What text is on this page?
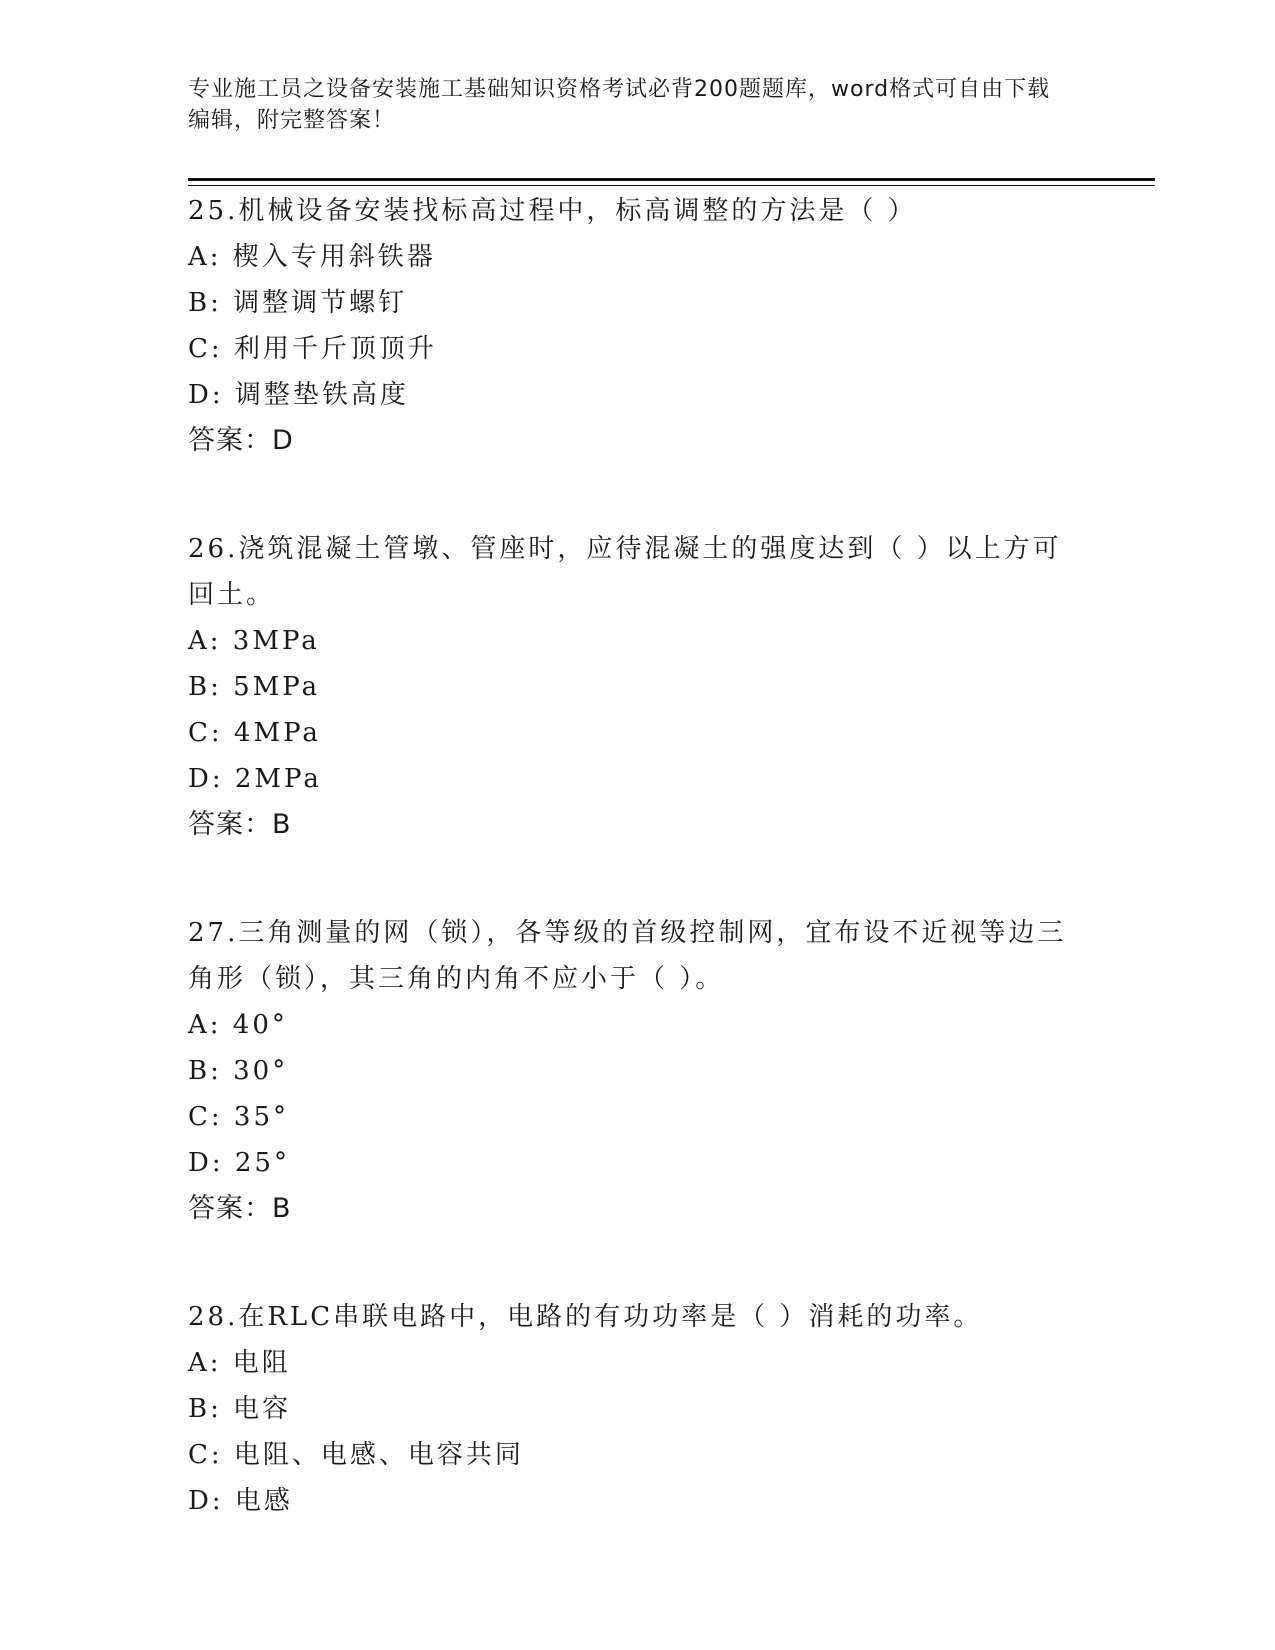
专业施工员之设备安装施工基础知识资格考试必背200题题库，word格式可自由下载编辑，附完整答案！
25.机械设备安装找标高过程中，标高调整的方法是（ ）
A: 楔入专用斜铁器
B: 调整调节螺钉
C: 利用千斤顶顶升
D: 调整垫铁高度
答案：D
26.浇筑混凝土管墩、管座时，应待混凝土的强度达到（ ）以上方可回土。
A: 3MPa
B: 5MPa
C: 4MPa
D: 2MPa
答案：B
27.三角测量的网（锁），各等级的首级控制网，宜布设不近视等边三角形（锁），其三角的内角不应小于（ ）。
A: 40°
B: 30°
C: 35°
D: 25°
答案：B
28.在RLC串联电路中，电路的有功功率是（ ）消耗的功率。
A: 电阻
B: 电容
C: 电阻、电感、电容共同
D: 电感
